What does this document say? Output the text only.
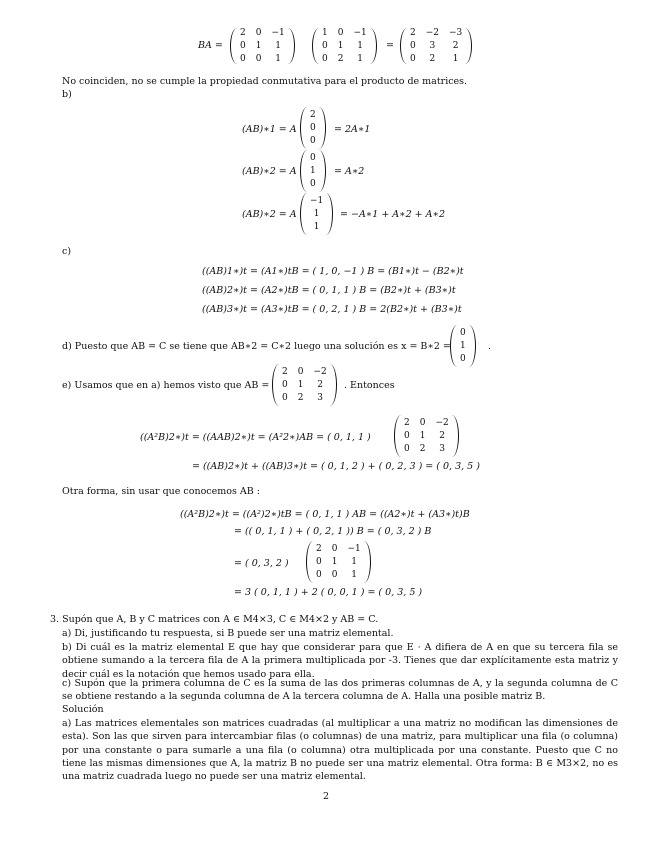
BA =
2 0 −1
0 1	1
0 0	1
1 0 −1
0 1	1
0 2	1
=
2 −2 −3
0	3	2
0	2	1
No coinciden, no se cumple la propiedad conmutativa para el producto de matrices.
b)
(AB)∗1 = A
2
0
0
= 2A∗1
(AB)∗2 = A
0
1
0
= A∗2
(AB)∗2 = A
−1
1
1
= −A∗1 + A∗2 + A∗2
c)
((AB)1∗)t = (A1∗)tB = ( 1, 0, −1 ) B = (B1∗)t − (B2∗)t
((AB)2∗)t = (A2∗)tB = ( 0, 1, 1 ) B = (B2∗)t + (B3∗)t
((AB)3∗)t = (A3∗)tB = ( 0, 2, 1 ) B = 2(B2∗)t + (B3∗)t
d) Puesto que AB = C se tiene que AB∗2 = C∗2 luego una solución es x = B∗2 =
0
1
0
.
e) Usamos que en a) hemos visto que AB =
2 0 −2
0 1	2
0 2	3
. Entonces
((A²B)2∗)t = ((AAB)2∗)t = (A²2∗)AB = ( 0, 1, 1 )
2 0 −2
0 1	2
0 2	3
= ((AB)2∗)t + ((AB)3∗)t = ( 0, 1, 2 ) + ( 0, 2, 3 ) = ( 0, 3, 5 )
Otra forma, sin usar que conocemos AB :
((A²B)2∗)t = ((A²)2∗)tB = ( 0, 1, 1 ) AB = ((A2∗)t + (A3∗)t)B
= (( 0, 1, 1 ) + ( 0, 2, 1 )) B = ( 0, 3, 2 ) B
= ( 0, 3, 2 )
2 0 −1
0 1	1
0 0	1
= 3 ( 0, 1, 1 ) + 2 ( 0, 0, 1 ) = ( 0, 3, 5 )
3. Supón que A, B y C matrices con A ∈ M4×3, C ∈ M4×2 y AB = C.
a) Di, justificando tu respuesta, si B puede ser una matriz elemental.
b) Di cuál es la matriz elemental E que hay que considerar para que E · A difiera de A en que su tercera fila se obtiene sumando a la tercera fila de A la primera multiplicada por -3. Tienes que dar explícitamente esta matriz y decir cuál es la notación que hemos usado para ella.
c) Supón que la primera columna de C es la suma de las dos primeras columnas de A, y la segunda columna de C se obtiene restando a la segunda columna de A la tercera columna de A. Halla una posible matriz B.
Solución
a) Las matrices elementales son matrices cuadradas (al multiplicar a una matriz no modifican las dimensiones de esta). Son las que sirven para intercambiar filas (o columnas) de una matriz, para multiplicar una fila (o columna) por una constante o para sumarle a una fila (o columna) otra multiplicada por una constante. Puesto que C no tiene las mismas dimensiones que A, la matriz B no puede ser una matriz elemental. Otra forma: B ∈ M3×2, no es una matriz cuadrada luego no puede ser una matriz elemental.
2
